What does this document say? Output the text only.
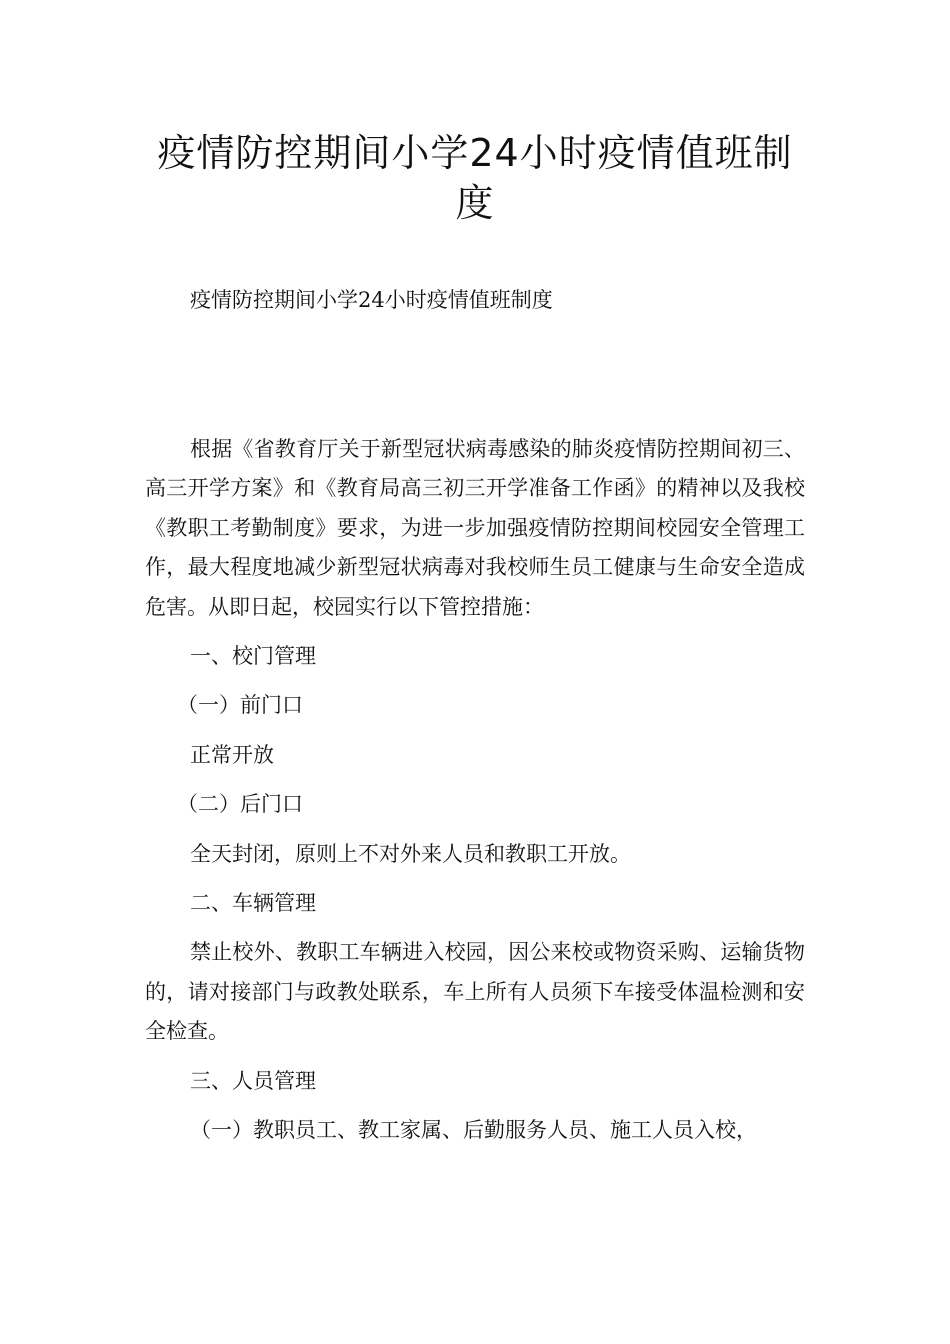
疫情防控期间小学24小时疫情值班制度

疫情防控期间小学24小时疫情值班制度

根据《省教育厅关于新型冠状病毒感染的肺炎疫情防控期间初三、高三开学方案》和《教育局高三初三开学准备工作函》的精神以及我校《教职工考勤制度》要求，为进一步加强疫情防控期间校园安全管理工作，最大程度地减少新型冠状病毒对我校师生员工健康与生命安全造成危害。从即日起，校园实行以下管控措施：

一、校门管理

（一）前门口

正常开放

（二）后门口

全天封闭，原则上不对外来人员和教职工开放。

二、车辆管理

禁止校外、教职工车辆进入校园，因公来校或物资采购、运输货物的，请对接部门与政教处联系，车上所有人员须下车接受体温检测和安全检查。

三、人员管理

（一）教职员工、教工家属、后勤服务人员、施工人员入校，
